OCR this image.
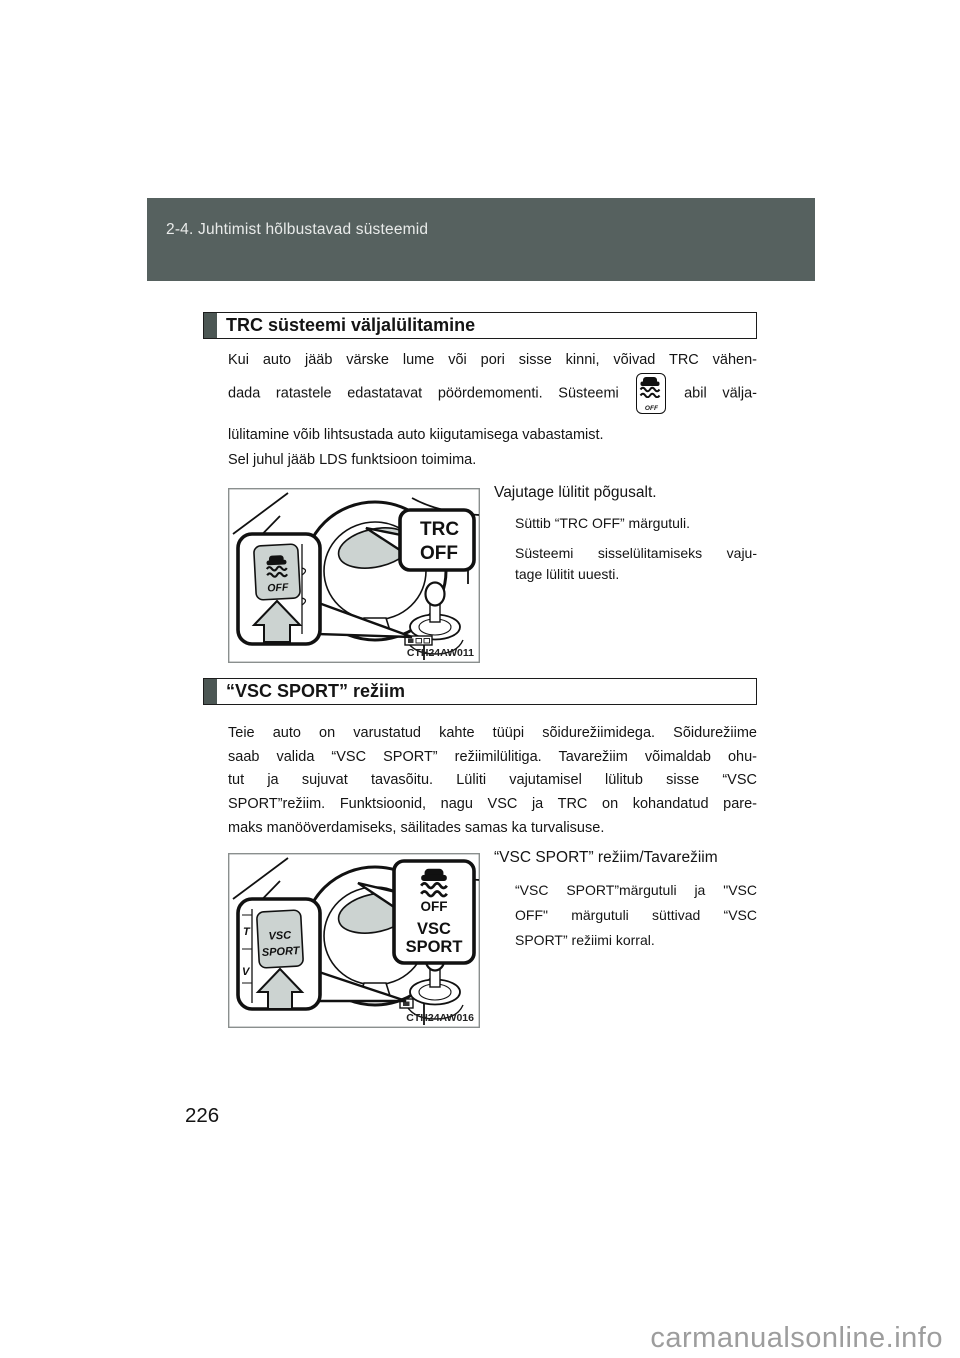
2-4. Juhtimist hõlbustavad süsteemid
TRC süsteemi väljalülitamine
Kui auto jääb värske lume või pori sisse kinni, võivad TRC vähen-
dada ratastele edastatavat pöördemomenti. Süsteemi
OFF
abil välja-
lülitamine võib lihtsustada auto kiigutamisega vabastamist.
Sel juhul jääb LDS funktsioon toimima.
TRC
OFF
OFF
CTH24AW011
Vajutage lülitit põgusalt.
Süttib “TRC OFF” märgutuli.
Süsteemi sisselülitamiseks vaju-
tage lülitit uuesti.
“VSC SPORT” režiim
Teie auto on varustatud kahte tüüpi sõidurežiimidega. Sõidurežiime
saab valida “VSC SPORT” režiimilülitiga. Tavarežiim võimaldab ohu-
tut ja sujuvat tavasõitu. Lüliti vajutamisel lülitub sisse “VSC
SPORT”režiim. Funktsioonid, nagu VSC ja TRC on kohandatud pare-
maks manööverdamiseks, säilitades samas ka turvalisuse.
OFF
VSC
SPORT
T
V
VSC
SPORT
CTH24AW016
“VSC SPORT” režiim/Tavarežiim
“VSC SPORT”märgutuli ja "VSC
OFF" märgutuli süttivad “VSC
SPORT” režiimi korral.
226
carmanualsonline.info
